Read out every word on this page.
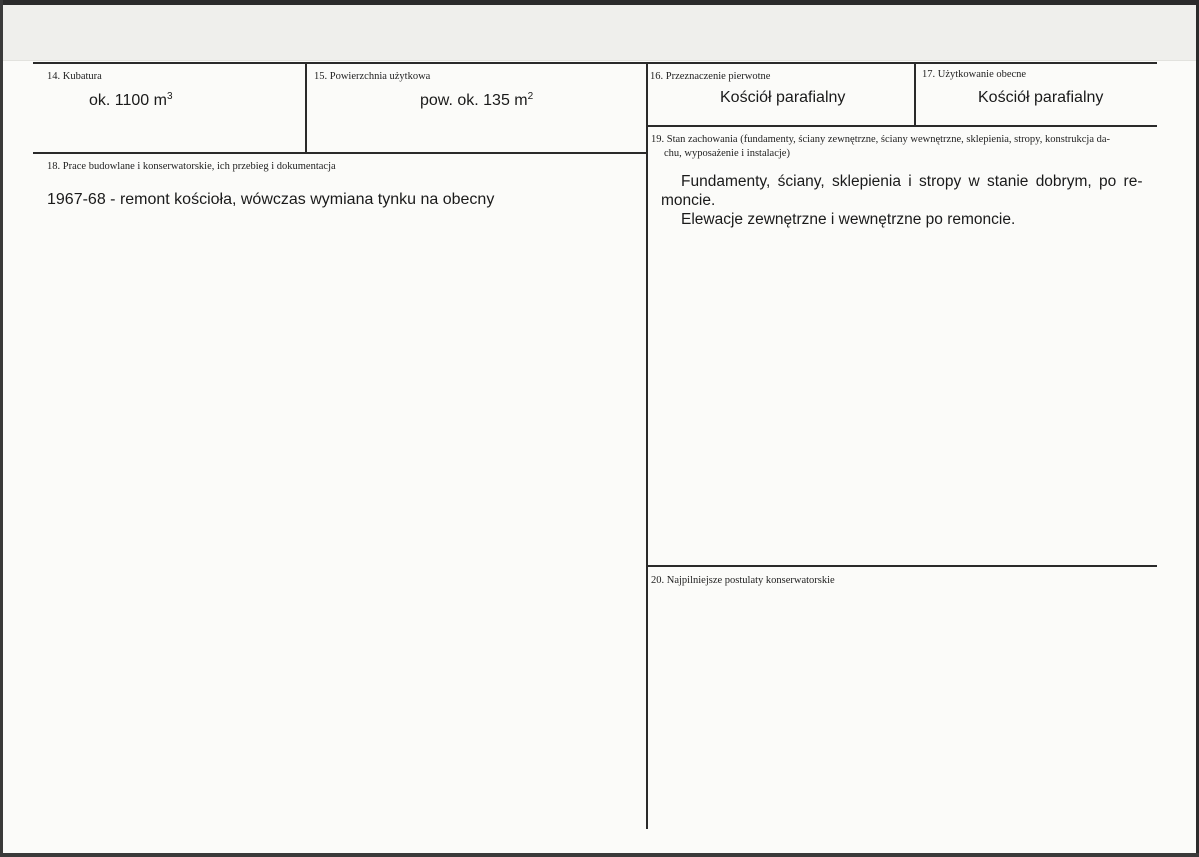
14. Kubatura
ok. 1100 $m^3$
15. Powierzchnia użytkowa
pow. ok. 135 $m^2$
16. Przeznaczenie pierwotne
Kościół parafialny
17. Użytkowanie obecne
Kościół parafialny
18. Prace budowlane i konserwatorskie, ich przebieg i dokumentacja
1967-68 - remont kościoła, wówczas wymiana tynku na obecny
19. Stan zachowania (fundamenty, ściany zewnętrzne, ściany wewnętrzne, sklepienia, stropy, konstrukcja da-
chu, wyposażenie i instalacje)
Fundamenty, ściany, sklepienia i stropy w stanie dobrym, po re-
moncie.
Elewacje zewnętrzne i wewnętrzne po remoncie.
20. Najpilniejsze postulaty konserwatorskie
